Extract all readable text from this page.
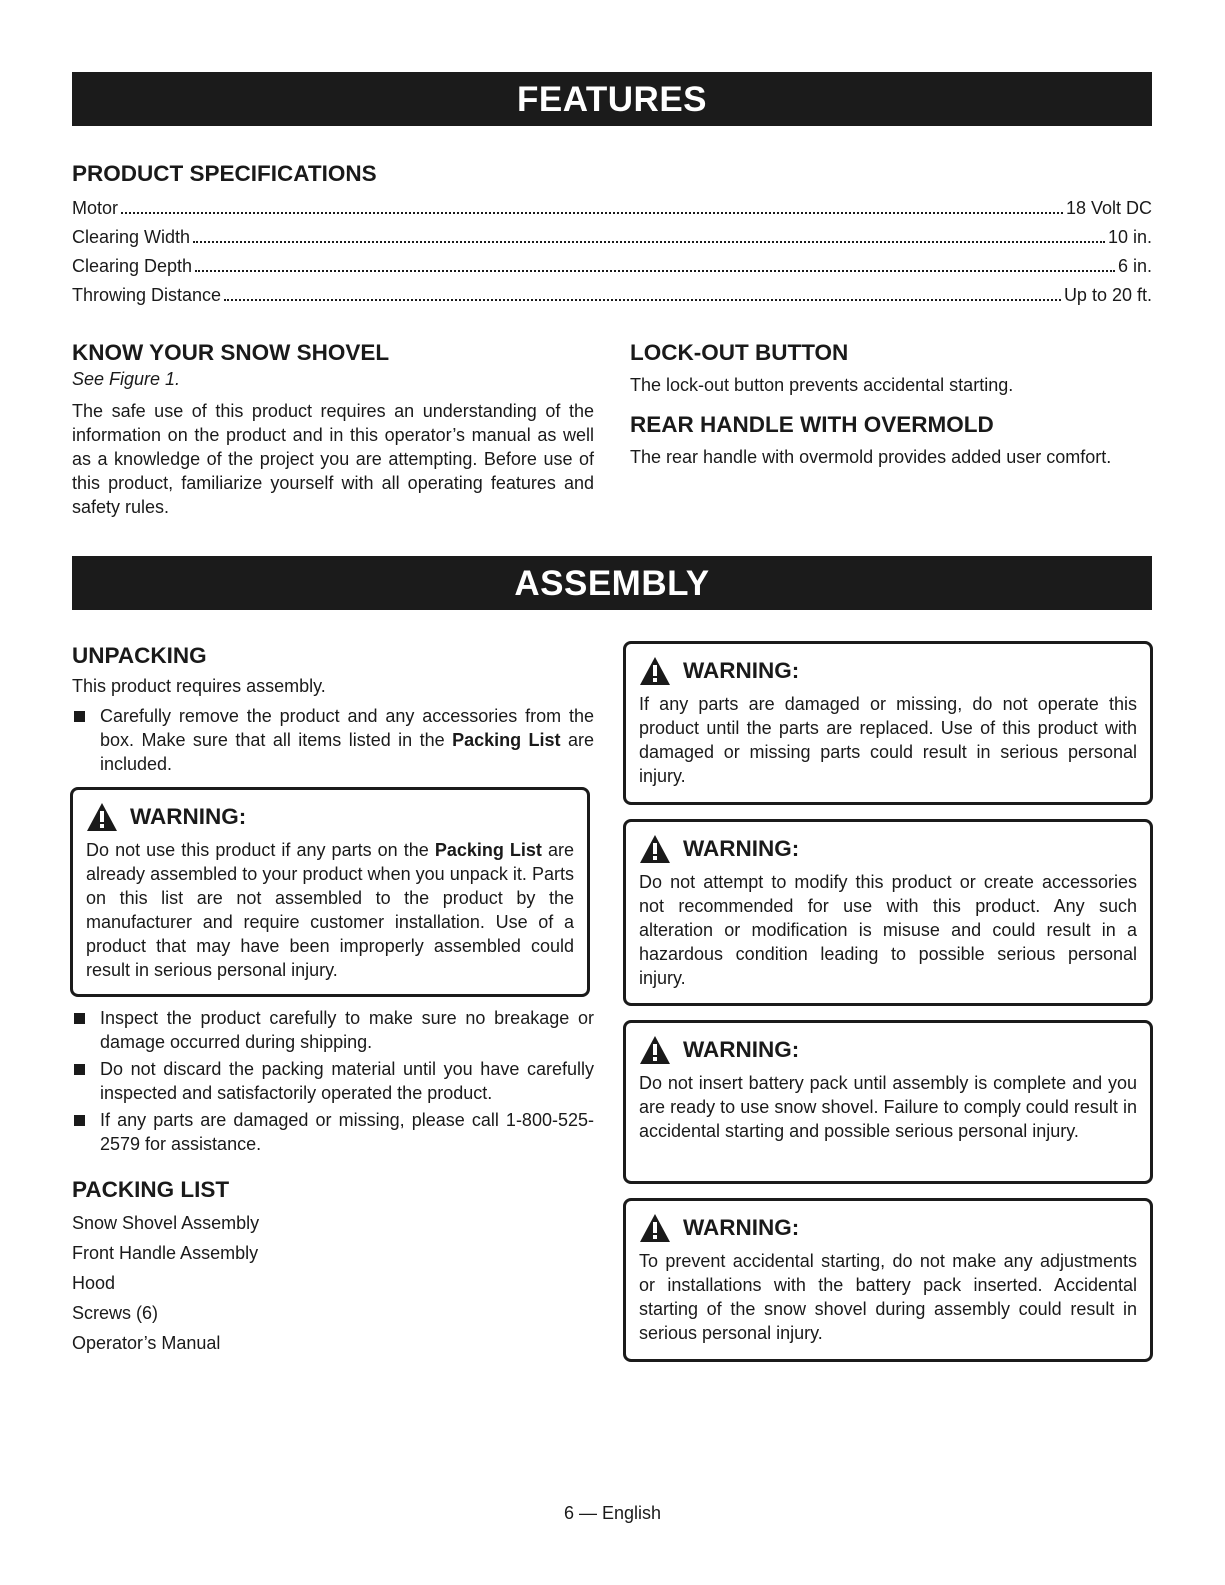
FEATURES
PRODUCT SPECIFICATIONS
Motor	18 Volt DC
Clearing Width	10 in.
Clearing Depth	6 in.
Throwing Distance	Up to 20 ft.
KNOW YOUR SNOW SHOVEL
See Figure 1.
The safe use of this product requires an understanding of the information on the product and in this operator’s manual as well as a knowledge of the project you are attempting. Before use of this product, familiarize yourself with all operating features and safety rules.
LOCK-OUT BUTTON
The lock-out button prevents accidental starting.
REAR HANDLE WITH OVERMOLD
The rear handle with overmold provides added user comfort.
ASSEMBLY
UNPACKING
This product requires assembly.
Carefully remove the product and any accessories from the box. Make sure that all items listed in the Packing List are included.
WARNING:
Do not use this product if any parts on the Packing List are already assembled to your product when you unpack it. Parts on this list are not assembled to the product by the manufacturer and require customer installation. Use of a product that may have been improperly assembled could result in serious personal injury.
Inspect the product carefully to make sure no breakage or damage occurred during shipping.
Do not discard the packing material until you have carefully inspected and satisfactorily operated the product.
If any parts are damaged or missing, please call 1-800-525-2579 for assistance.
PACKING LIST
Snow Shovel Assembly
Front Handle Assembly
Hood
Screws (6)
Operator’s Manual
WARNING:
If any parts are damaged or missing, do not operate this product until the parts are replaced. Use of this product with damaged or missing parts could result in serious personal injury.
WARNING:
Do not attempt to modify this product or create accessories not recommended for use with this product. Any such alteration or modification is misuse and could result in a hazardous condition leading to possible serious personal injury.
WARNING:
Do not insert battery pack until assembly is complete and you are ready to use snow shovel. Failure to comply could result in accidental starting and possible serious personal injury.
WARNING:
To prevent accidental starting, do not make any adjustments or installations with the battery pack inserted. Accidental starting of the snow shovel during assembly could result in serious personal injury.
6 — English
